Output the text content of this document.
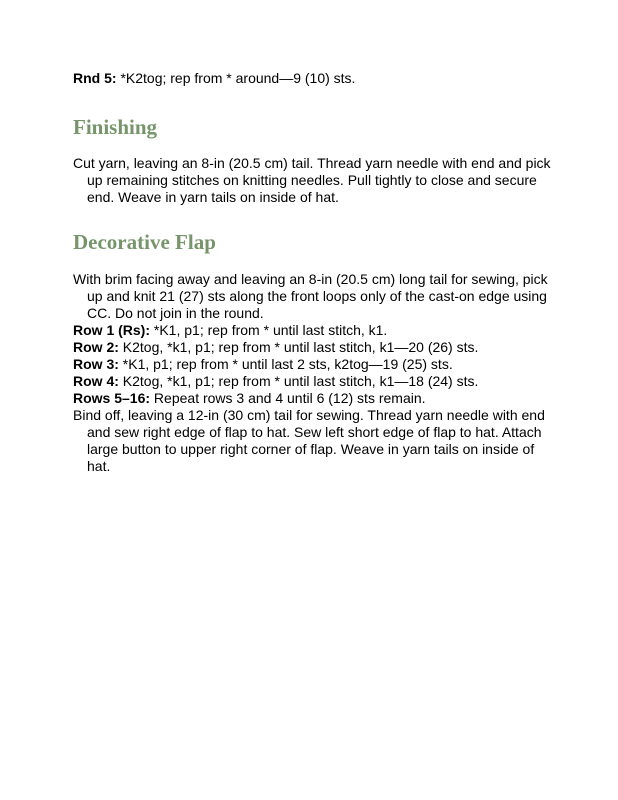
Rnd 5: *K2tog; rep from * around—9 (10) sts.

Finishing

Cut yarn, leaving an 8-in (20.5 cm) tail. Thread yarn needle with end and pick up remaining stitches on knitting needles. Pull tightly to close and secure end. Weave in yarn tails on inside of hat.

Decorative Flap

With brim facing away and leaving an 8-in (20.5 cm) long tail for sewing, pick up and knit 21 (27) sts along the front loops only of the cast-on edge using CC. Do not join in the round.

Row 1 (Rs): *K1, p1; rep from * until last stitch, k1.

Row 2: K2tog, *k1, p1; rep from * until last stitch, k1—20 (26) sts.

Row 3: *K1, p1; rep from * until last 2 sts, k2tog—19 (25) sts.

Row 4: K2tog, *k1, p1; rep from * until last stitch, k1—18 (24) sts.

Rows 5–16: Repeat rows 3 and 4 until 6 (12) sts remain.

Bind off, leaving a 12-in (30 cm) tail for sewing. Thread yarn needle with end and sew right edge of flap to hat. Sew left short edge of flap to hat. Attach large button to upper right corner of flap. Weave in yarn tails on inside of hat.
